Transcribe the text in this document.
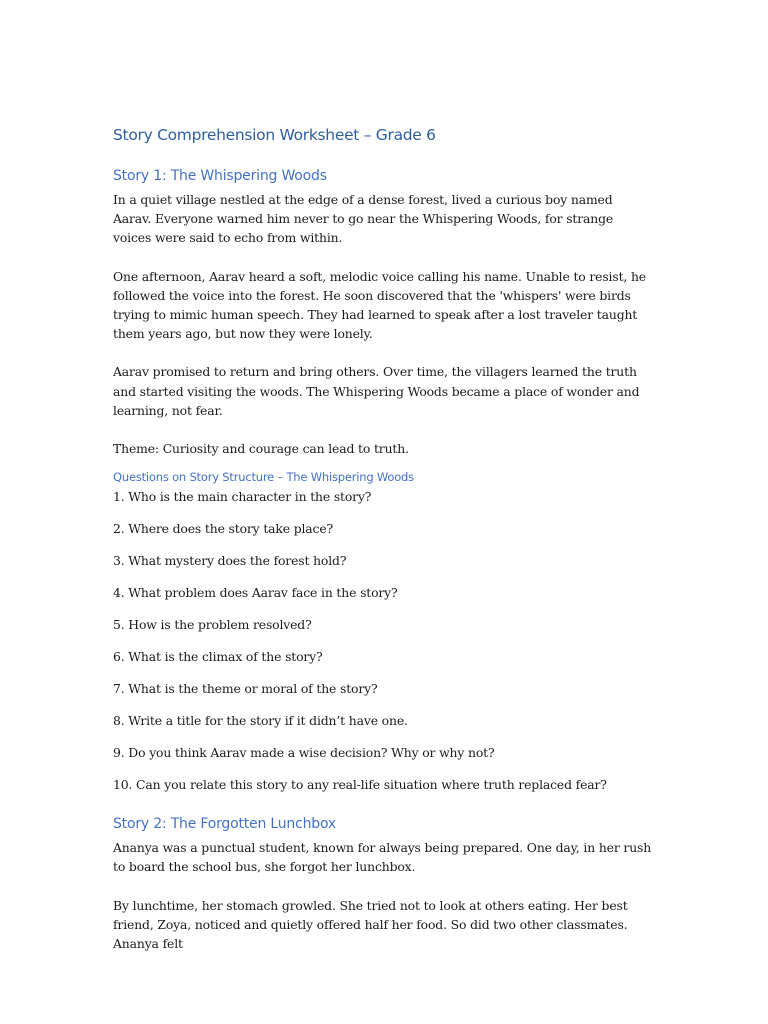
Story Comprehension Worksheet – Grade 6
Story 1: The Whispering Woods

In a quiet village nestled at the edge of a dense forest, lived a curious boy named Aarav. Everyone warned him never to go near the Whispering Woods, for strange voices were said to echo from within.

One afternoon, Aarav heard a soft, melodic voice calling his name. Unable to resist, he followed the voice into the forest. He soon discovered that the 'whispers' were birds trying to mimic human speech. They had learned to speak after a lost traveler taught them years ago, but now they were lonely.

Aarav promised to return and bring others. Over time, the villagers learned the truth and started visiting the woods. The Whispering Woods became a place of wonder and learning, not fear.

Theme: Curiosity and courage can lead to truth.

Questions on Story Structure – The Whispering Woods

1. Who is the main character in the story?

2. Where does the story take place?

3. What mystery does the forest hold?

4. What problem does Aarav face in the story?

5. How is the problem resolved?

6. What is the climax of the story?

7. What is the theme or moral of the story?

8. Write a title for the story if it didn’t have one.

9. Do you think Aarav made a wise decision? Why or why not?

10. Can you relate this story to any real-life situation where truth replaced fear?

Story 2: The Forgotten Lunchbox

Ananya was a punctual student, known for always being prepared. One day, in her rush to board the school bus, she forgot her lunchbox.

By lunchtime, her stomach growled. She tried not to look at others eating. Her best friend, Zoya, noticed and quietly offered half her food. So did two other classmates. Ananya felt
